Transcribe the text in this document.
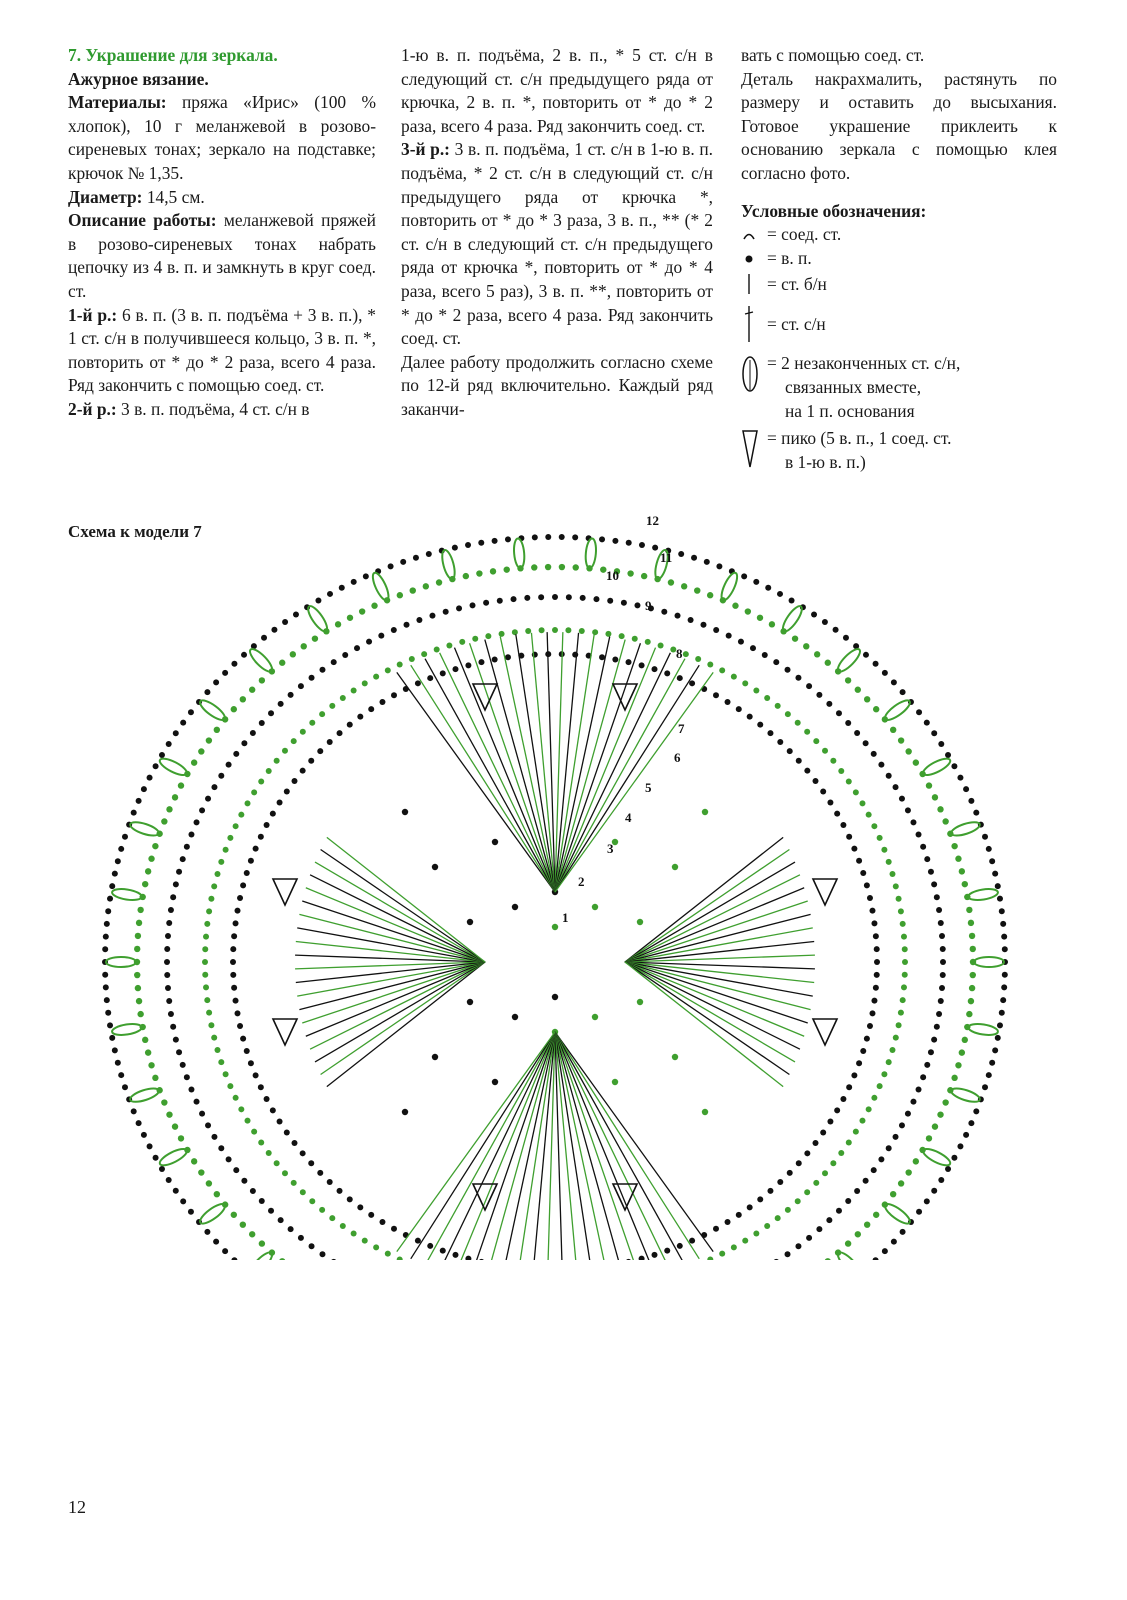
7. Украшение для зеркала.

Ажурное вязание.

Материалы: пряжа «Ирис» (100 % хлопок), 10 г меланжевой в розово-сиреневых тонах; зеркало на подставке; крючок № 1,35.

Диаметр: 14,5 см.

Описание работы: меланжевой пряжей в розово-сиреневых тонах набрать цепочку из 4 в. п. и замкнуть в круг соед. ст.

1-й р.: 6 в. п. (3 в. п. подъёма + 3 в. п.), * 1 ст. с/н в получившееся кольцо, 3 в. п. *, повторить от * до * 2 раза, всего 4 раза. Ряд закончить с помощью соед. ст.

2-й р.: 3 в. п. подъёма, 4 ст. с/н в

1-ю в. п. подъёма, 2 в. п., * 5 ст. с/н в следующий ст. с/н предыдущего ряда от крючка, 2 в. п. *, повторить от * до * 2 раза, всего 4 раза. Ряд закончить соед. ст.

3-й р.: 3 в. п. подъёма, 1 ст. с/н в 1-ю в. п. подъёма, * 2 ст. с/н в следующий ст. с/н предыдущего ряда от крючка *, повторить от * до * 3 раза, 3 в. п., ** (* 2 ст. с/н в следующий ст. с/н предыдущего ряда от крючка *, повторить от * до * 4 раза, всего 5 раз), 3 в. п. **, повторить от * до * 2 раза, всего 4 раза. Ряд закончить соед. ст.

Далее работу продолжить согласно схеме по 12-й ряд включительно. Каждый ряд заканчи-

вать с помощью соед. ст.

Деталь накрахмалить, растянуть по размеру и оставить до высыхания. Готовое украшение приклеить к основанию зеркала с помощью клея согласно фото.

Условные обозначения:

= соед. ст.
= в. п.
= ст. б/н
= ст. с/н
= 2 незаконченных ст. с/н,
связанных вместе,
на 1 п. основания
= пико (5 в. п., 1 соед. ст.
в 1-ю в. п.)
Схема к модели 7
1
2
3
4
5
6
7
8
9
10
11
12
12
